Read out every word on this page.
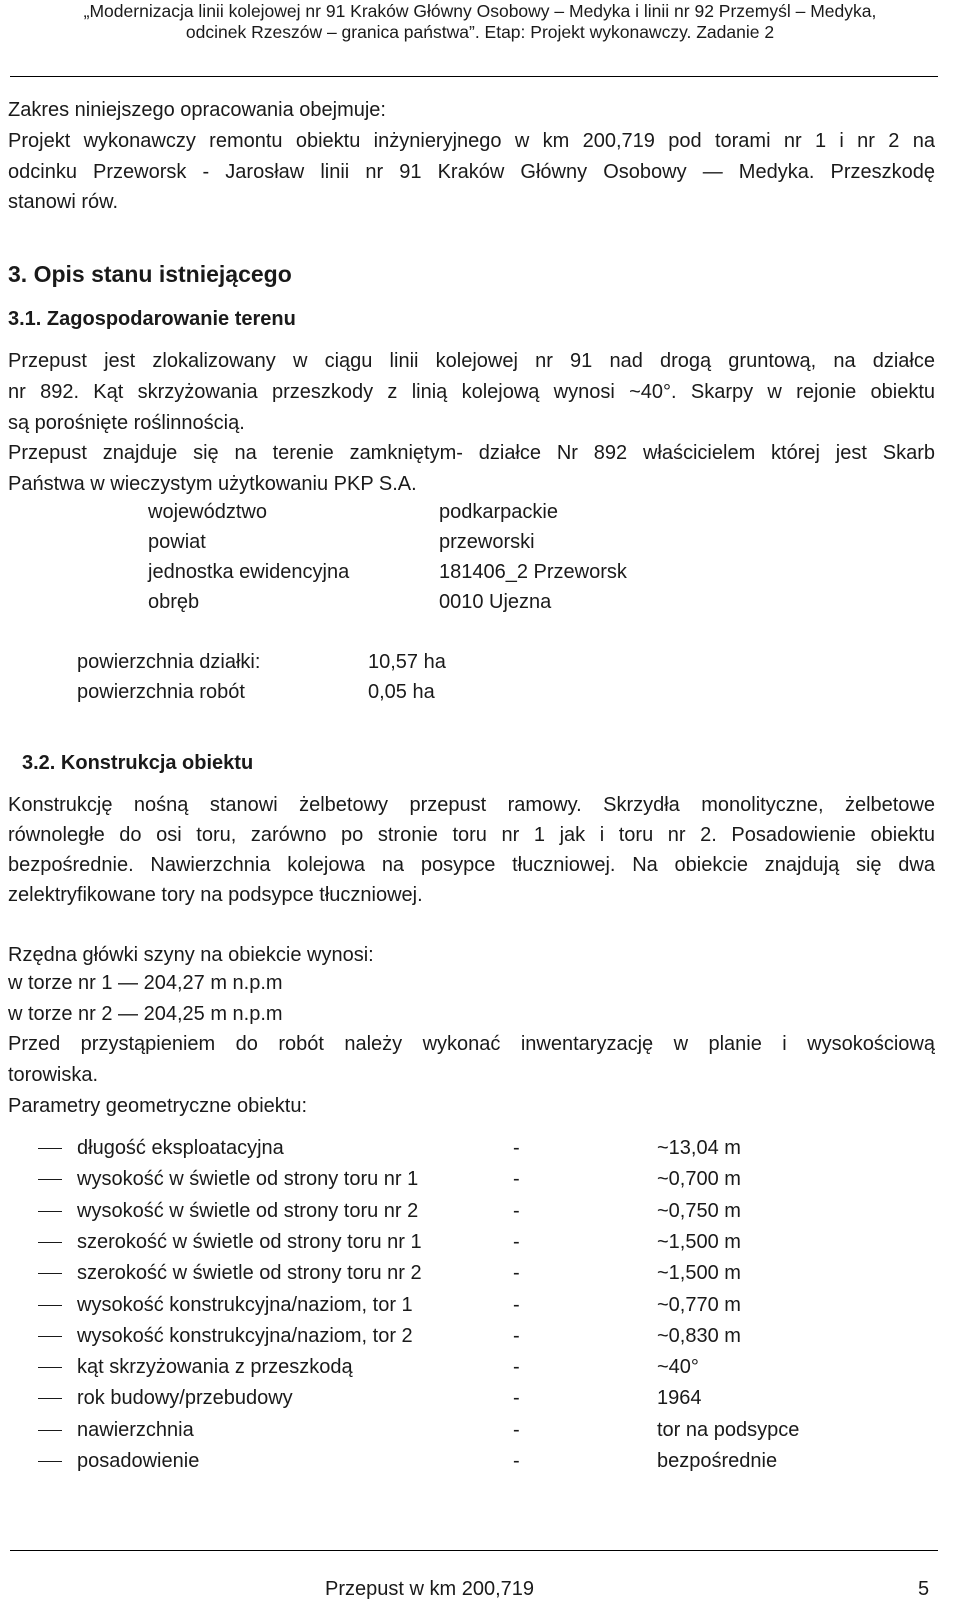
„Modernizacja linii kolejowej nr 91 Kraków Główny Osobowy – Medyka i linii nr 92 Przemyśl – Medyka,
odcinek Rzeszów – granica państwa”. Etap: Projekt wykonawczy. Zadanie 2
Zakres niniejszego opracowania obejmuje:
Projekt wykonawczy remontu obiektu inżynieryjnego w km 200,719 pod torami nr 1 i nr 2 na
odcinku Przeworsk - Jarosław linii nr 91 Kraków Główny Osobowy — Medyka. Przeszkodę
stanowi rów.
3. Opis stanu istniejącego
3.1. Zagospodarowanie terenu
Przepust jest zlokalizowany w ciągu linii kolejowej nr 91 nad drogą gruntową, na działce
nr 892. Kąt skrzyżowania przeszkody z linią kolejową wynosi ~40°. Skarpy w rejonie obiektu
są porośnięte roślinnością.
Przepust znajduje się na terenie zamkniętym- działce Nr 892 właścicielem której jest Skarb
Państwa w wieczystym użytkowaniu PKP S.A.
województwo	podkarpackie
powiat	przeworski
jednostka ewidencyjna	181406_2 Przeworsk
obręb	0010 Ujezna
powierzchnia działki:	10,57 ha
powierzchnia robót	0,05 ha
3.2. Konstrukcja obiektu
Konstrukcję nośną stanowi żelbetowy przepust ramowy. Skrzydła monolityczne, żelbetowe
równoległe do osi toru, zarówno po stronie toru nr 1 jak i toru nr 2. Posadowienie obiektu
bezpośrednie. Nawierzchnia kolejowa na posypce tłuczniowej. Na obiekcie znajdują się dwa
zelektryfikowane tory na podsypce tłuczniowej.
Rzędna główki szyny na obiekcie wynosi:
w torze nr 1 — 204,27 m n.p.m
w torze nr 2 — 204,25 m n.p.m
Przed przystąpieniem do robót należy wykonać inwentaryzację w planie i wysokościową
torowiska.
Parametry geometryczne obiektu:
długość eksploatacyjna	-	~13,04 m
wysokość w świetle od strony toru nr 1	-	~0,700 m
wysokość w świetle od strony toru nr 2	-	~0,750 m
szerokość w świetle od strony toru nr 1	-	~1,500 m
szerokość w świetle od strony toru nr 2	-	~1,500 m
wysokość konstrukcyjna/naziom, tor 1	-	~0,770 m
wysokość konstrukcyjna/naziom, tor 2	-	~0,830 m
kąt skrzyżowania z przeszkodą	-	~40°
rok budowy/przebudowy	-	1964
nawierzchnia	-	tor na podsypce
posadowienie	-	bezpośrednie
Przepust w km 200,719	5
